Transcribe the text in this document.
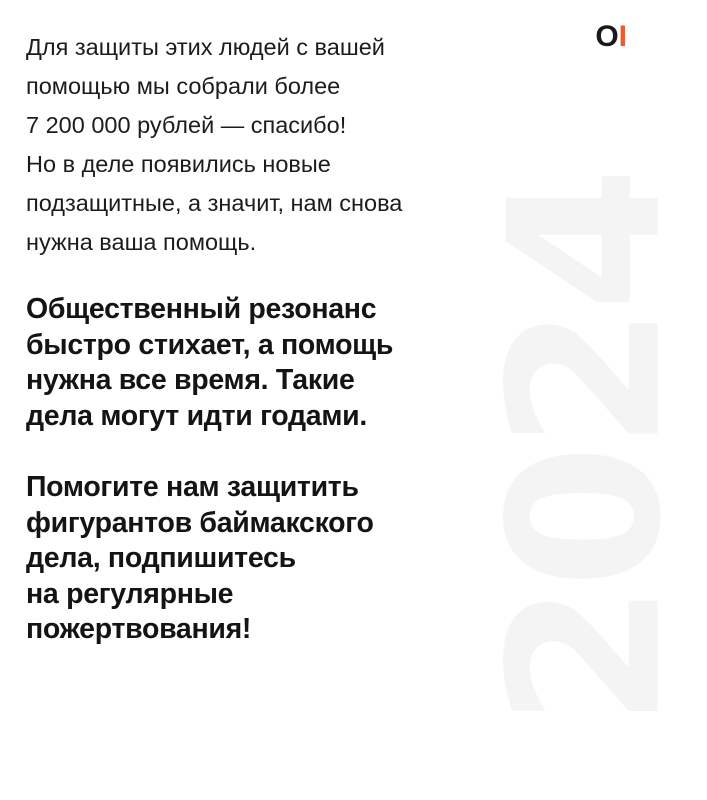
2024
ОІ

Для защиты этих людей с вашей
помощью мы собрали более
7 200 000 рублей — спасибо!
Но в деле появились новые
подзащитные, а значит, нам снова
нужна ваша помощь.

Общественный резонанс
быстро стихает, а помощь
нужна все время. Такие
дела могут идти годами.
Помогите нам защитить
фигурантов баймакского
дела, подпишитесь
на регулярные
пожертвования!
